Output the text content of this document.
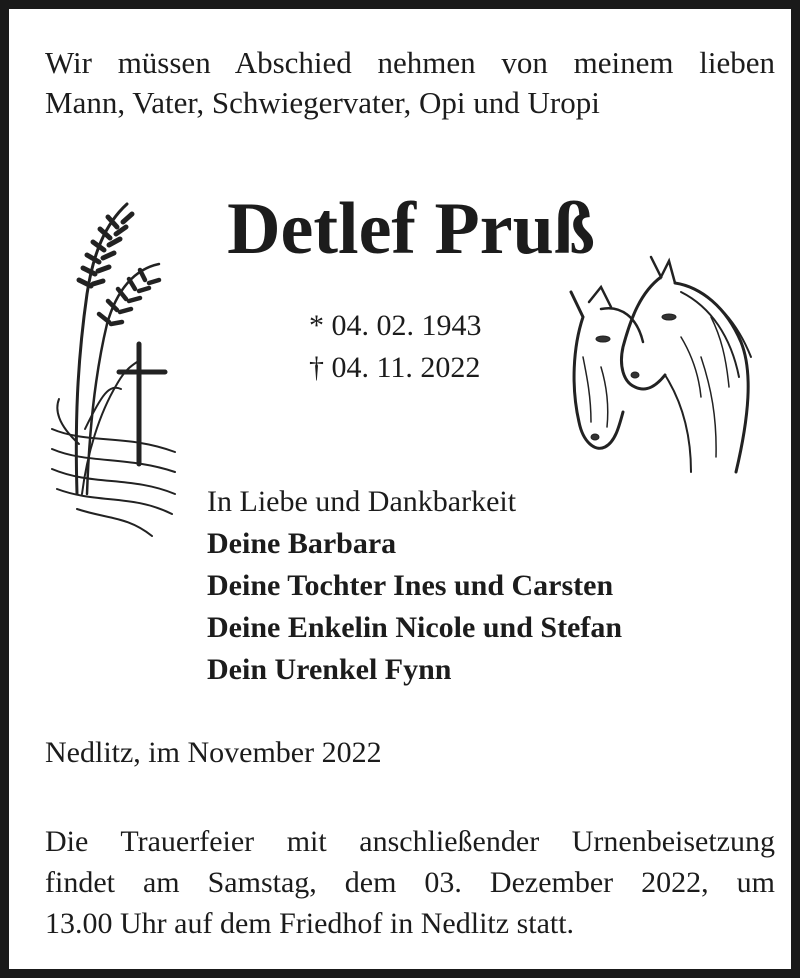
Wir müssen Abschied nehmen von meinem lieben
Mann, Vater, Schwiegervater, Opi und Uropi
Detlef Pruß
* 04. 02. 1943
† 04. 11. 2022
In Liebe und Dankbarkeit
Deine Barbara
Deine Tochter Ines und Carsten
Deine Enkelin Nicole und Stefan
Dein Urenkel Fynn
Nedlitz, im November 2022
Die Trauerfeier mit anschließender Urnenbeisetzung
findet am Samstag, dem 03. Dezember 2022, um
13.00 Uhr auf dem Friedhof in Nedlitz statt.
